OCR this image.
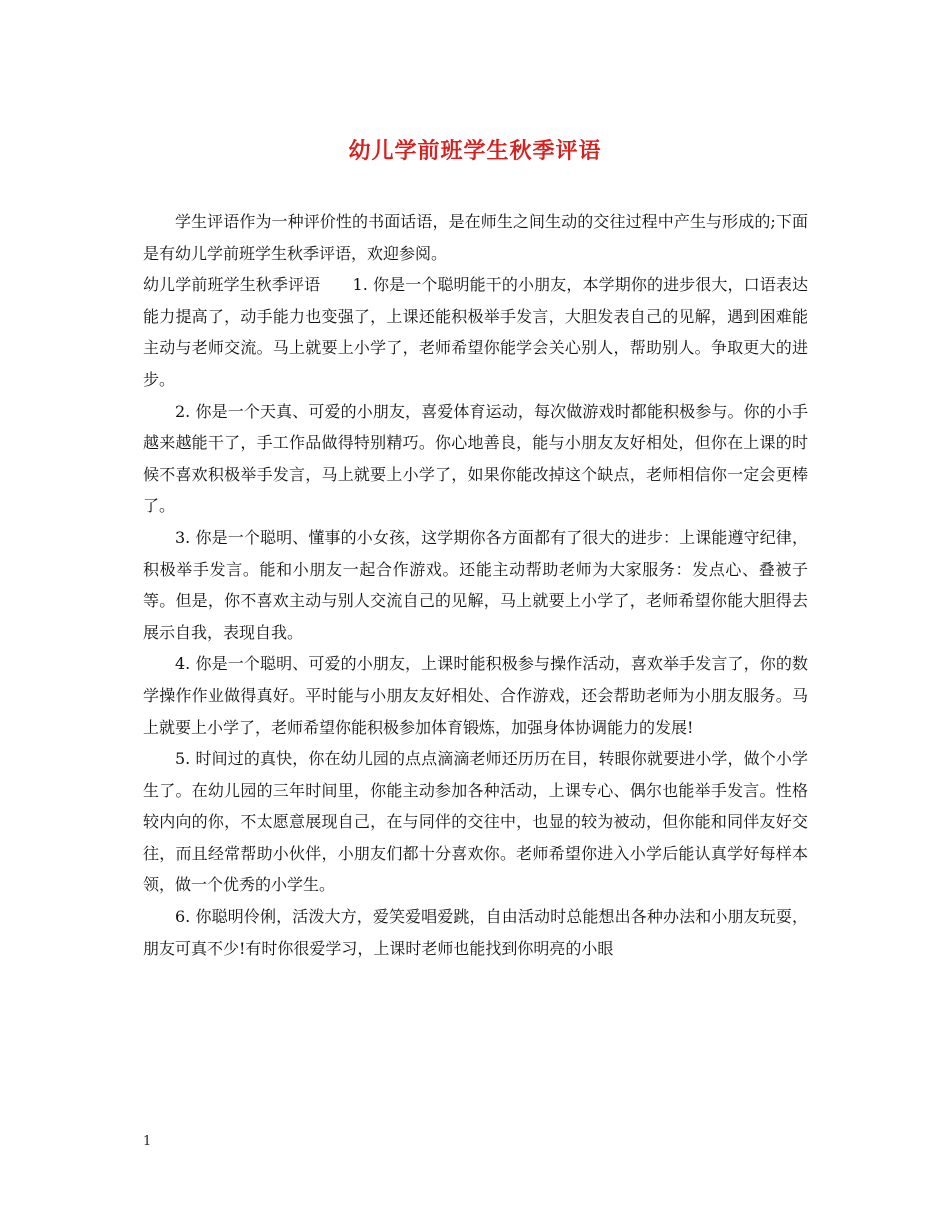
幼儿学前班学生秋季评语

学生评语作为一种评价性的书面话语，是在师生之间生动的交往过程中产生与形成的;下面是有幼儿学前班学生秋季评语，欢迎参阅。

幼儿学前班学生秋季评语　　1. 你是一个聪明能干的小朋友，本学期你的进步很大，口语表达能力提高了，动手能力也变强了，上课还能积极举手发言，大胆发表自己的见解，遇到困难能主动与老师交流。马上就要上小学了，老师希望你能学会关心别人，帮助别人。争取更大的进步。

2. 你是一个天真、可爱的小朋友，喜爱体育运动，每次做游戏时都能积极参与。你的小手越来越能干了，手工作品做得特别精巧。你心地善良，能与小朋友友好相处，但你在上课的时候不喜欢积极举手发言，马上就要上小学了，如果你能改掉这个缺点，老师相信你一定会更棒了。

3. 你是一个聪明、懂事的小女孩，这学期你各方面都有了很大的进步：上课能遵守纪律，积极举手发言。能和小朋友一起合作游戏。还能主动帮助老师为大家服务：发点心、叠被子等。但是，你不喜欢主动与别人交流自己的见解，马上就要上小学了，老师希望你能大胆得去展示自我，表现自我。

4. 你是一个聪明、可爱的小朋友，上课时能积极参与操作活动，喜欢举手发言了，你的数学操作作业做得真好。平时能与小朋友友好相处、合作游戏，还会帮助老师为小朋友服务。马上就要上小学了，老师希望你能积极参加体育锻炼，加强身体协调能力的发展!

5. 时间过的真快，你在幼儿园的点点滴滴老师还历历在目，转眼你就要进小学，做个小学生了。在幼儿园的三年时间里，你能主动参加各种活动，上课专心、偶尔也能举手发言。性格较内向的你，不太愿意展现自己，在与同伴的交往中，也显的较为被动，但你能和同伴友好交往，而且经常帮助小伙伴，小朋友们都十分喜欢你。老师希望你进入小学后能认真学好每样本领，做一个优秀的小学生。

6. 你聪明伶俐，活泼大方，爱笑爱唱爱跳，自由活动时总能想出各种办法和小朋友玩耍，朋友可真不少!有时你很爱学习，上课时老师也能找到你明亮的小眼

1
